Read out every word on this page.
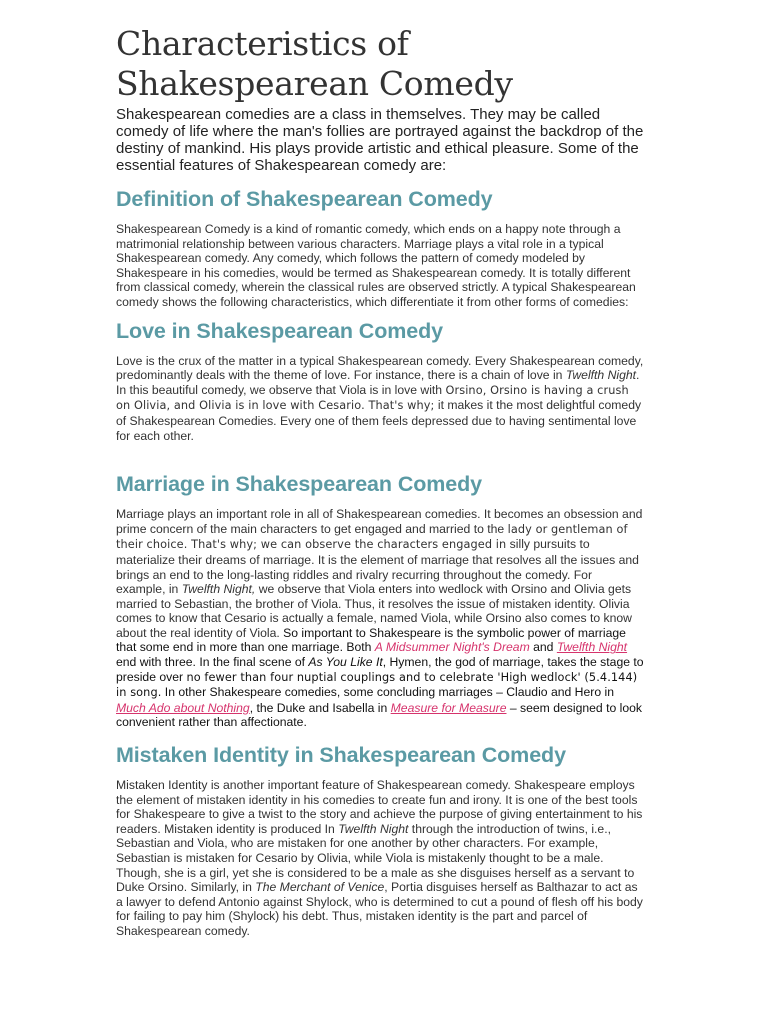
Characteristics of
Shakespearean Comedy

Shakespearean comedies are a class in themselves. They may be called comedy of life where the man's follies are portrayed against the backdrop of the destiny of mankind. His plays provide artistic and ethical pleasure. Some of the essential features of Shakespearean comedy are:

Definition of Shakespearean Comedy

Shakespearean Comedy is a kind of romantic comedy, which ends on a happy note through a matrimonial relationship between various characters. Marriage plays a vital role in a typical Shakespearean comedy. Any comedy, which follows the pattern of comedy modeled by Shakespeare in his comedies, would be termed as Shakespearean comedy. It is totally different from classical comedy, wherein the classical rules are observed strictly. A typical Shakespearean comedy shows the following characteristics, which differentiate it from other forms of comedies:

Love in Shakespearean Comedy

Love is the crux of the matter in a typical Shakespearean comedy. Every Shakespearean comedy, predominantly deals with the theme of love. For instance, there is a chain of love in Twelfth Night. In this beautiful comedy, we observe that Viola is in love with Orsino, Orsino is having a crush on Olivia, and Olivia is in love with Cesario. That's why; it makes it the most delightful comedy of Shakespearean Comedies. Every one of them feels depressed due to having sentimental love for each other.

Marriage in Shakespearean Comedy

Marriage plays an important role in all of Shakespearean comedies. It becomes an obsession and prime concern of the main characters to get engaged and married to the lady or gentleman of their choice. That's why; we can observe the characters engaged in silly pursuits to materialize their dreams of marriage. It is the element of marriage that resolves all the issues and brings an end to the long-lasting riddles and rivalry recurring throughout the comedy. For example, in Twelfth Night, we observe that Viola enters into wedlock with Orsino and Olivia gets married to Sebastian, the brother of Viola. Thus, it resolves the issue of mistaken identity. Olivia comes to know that Cesario is actually a female, named Viola, while Orsino also comes to know about the real identity of Viola. So important to Shakespeare is the symbolic power of marriage that some end in more than one marriage. Both A Midsummer Night's Dream and Twelfth Night end with three. In the final scene of As You Like It, Hymen, the god of marriage, takes the stage to preside over no fewer than four nuptial couplings and to celebrate 'High wedlock' (5.4.144) in song. In other Shakespeare comedies, some concluding marriages – Claudio and Hero in Much Ado about Nothing, the Duke and Isabella in Measure for Measure – seem designed to look convenient rather than affectionate.

Mistaken Identity in Shakespearean Comedy

Mistaken Identity is another important feature of Shakespearean comedy. Shakespeare employs the element of mistaken identity in his comedies to create fun and irony. It is one of the best tools for Shakespeare to give a twist to the story and achieve the purpose of giving entertainment to his readers. Mistaken identity is produced In Twelfth Night through the introduction of twins, i.e., Sebastian and Viola, who are mistaken for one another by other characters. For example, Sebastian is mistaken for Cesario by Olivia, while Viola is mistakenly thought to be a male. Though, she is a girl, yet she is considered to be a male as she disguises herself as a servant to Duke Orsino. Similarly, in The Merchant of Venice, Portia disguises herself as Balthazar to act as a lawyer to defend Antonio against Shylock, who is determined to cut a pound of flesh off his body for failing to pay him (Shylock) his debt. Thus, mistaken identity is the part and parcel of Shakespearean comedy.
